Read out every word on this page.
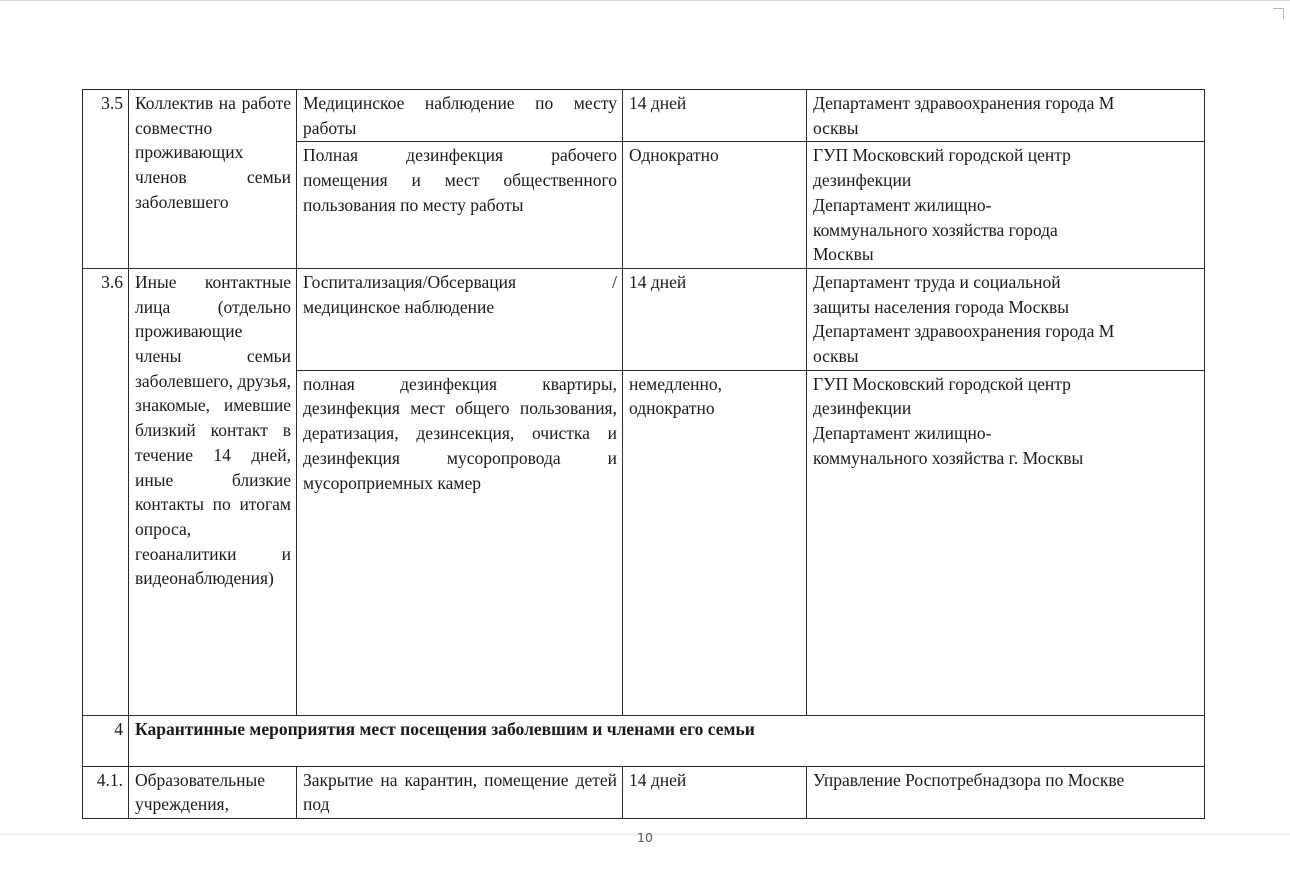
3.5	Коллектив на работе совместно проживающих членов семьи заболевшего	Медицинское наблюдение по месту работы	14 дней	Департамент здравоохранения города М
осквы

		Полная дезинфекция рабочего помещения и мест общественного пользования по месту работы	Однократно	ГУП Московский городской центр
дезинфекции
Департамент жилищно-
коммунального хозяйства города
Москвы

3.6	Иные контактные лица (отдельно проживающие члены семьи заболевшего, друзья, знакомые, имевшие близкий контакт в течение 14 дней, иные близкие контакты по итогам опроса, геоаналитики и видеонаблюдения)	Госпитализация/Обсервация /медицинское наблюдение	14 дней	Департамент труда и социальной
защиты населения города Москвы
Департамент здравоохранения города М
осквы

		полная дезинфекция квартиры, дезинфекция мест общего пользования, дератизация, дезинсекция, очистка и дезинфекция мусоропровода и мусороприемных камер	немедленно, однократно	ГУП Московский городской центр
дезинфекции
Департамент жилищно-
коммунального хозяйства г. Москвы

4	Карантинные мероприятия мест посещения заболевшим и членами его семьи			
4.1.	Образовательные учреждения,	Закрытие на карантин, помещение детей под	14 дней	Управление Роспотребнадзора по Москве
10
